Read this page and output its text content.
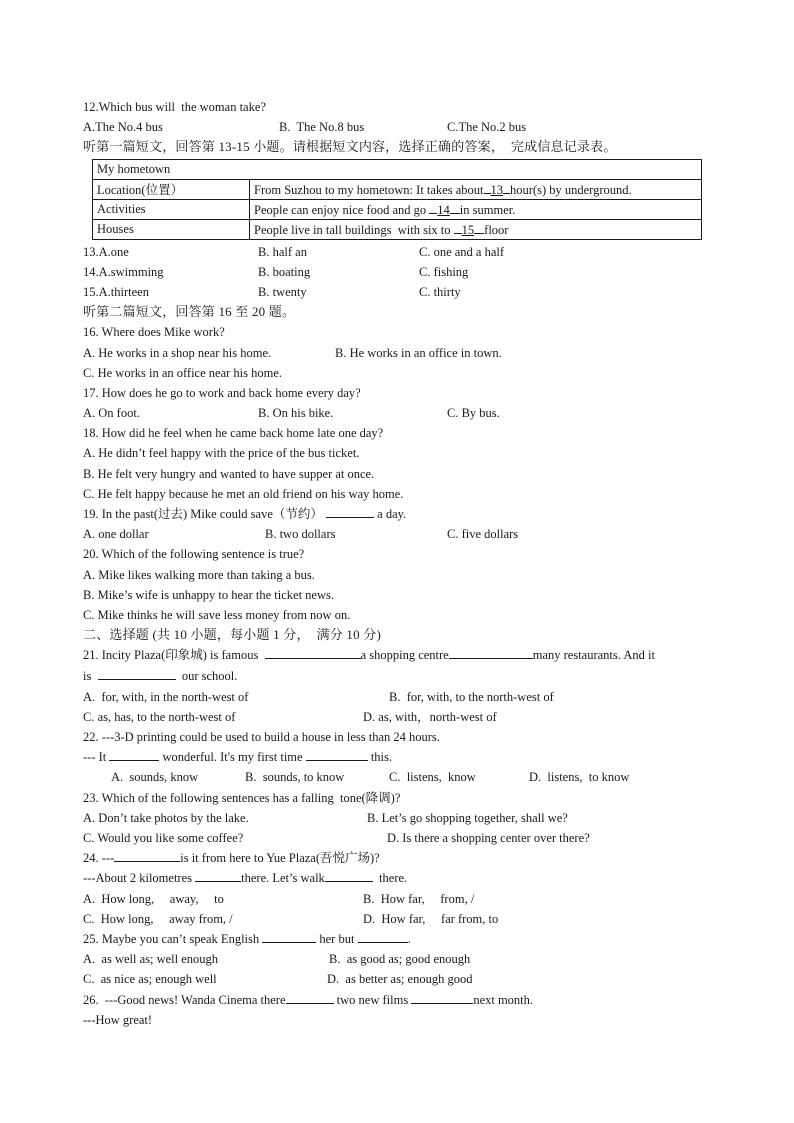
12.Which bus will  the woman take?

A.The No.4 bus

	B.  The No.8 bus

	C.The No.2 bus

听第一篇短文，回答第 13-15 小题。请根据短文内容，选择正确的答案，  完成信息记录表。
My hometown	
Location(位置）	From Suzhou to my hometown: It takes about 13 hour(s) by underground.
Activities	People can enjoy nice food and go 14 in summer.
Houses	People live in tall buildings  with six to 15 floor

13.A.one

	B. half an

	C. one and a half

14.A.swimming

	B. boating

	C. fishing

15.A.thirteen

	B. twenty

	C. thirty

听第二篇短文，回答第 16 至 20 题。
16. Where does Mike work?

A. He works in a shop near his home.

	B. He works in an office in town.

C. He works in an office near his home.
17. How does he go to work and back home every day?

A. On foot.

	B. On his bike.

	C. By bus.

18. How did he feel when he came back home late one day?
A. He didn’t feel happy with the price of the bus ticket.
B. He felt very hungry and wanted to have supper at once.
C. He felt happy because he met an old friend on his way home.
19. In the past(过去) Mike could save（节约）	a day.

A. one dollar

	B. two dollars

	C. five dollars

20. Which of the following sentence is true?
A. Mike likes walking more than taking a bus.
B. Mike’s wife is unhappy to hear the ticket news.
C. Mike thinks he will save less money from now on.
二、选择题 (共 10 小题，每小题 1 分，  满分 10 分)
21. Incity Plaza(印象城) is famous	a shopping centre	many restaurants. And it
is	our school.

A.  for, with, in the north-west of

	B.  for, with, to the north-west of

C. as, has, to the north-west of

	D. as, with，north-west of

22. ---3-D printing could be used to build a house in less than 24 hours.
--- It	wonderful. It's my first time	this.

A.  sounds, know

	B.  sounds, to know

	C.  listens,  know

	D.  listens,  to know

23. Which of the following sentences has a falling  tone(降调)?

A. Don’t take photos by the lake.

	B. Let’s go shopping together, shall we?

C. Would you like some coffee?

	D. Is there a shopping center over there?

24. ---	is it from here to Yue Plaza(吾悦广场)?
---About 2 kilometres	there. Let’s walk	there.

A.  How long,     away,     to

	B.  How far,     from, /

C.  How long,     away from, /

	D.  How far,     far from, to

25. Maybe you can’t speak English	her but	.

A.  as well as; well enough

	B.  as good as; good enough

C.  as nice as; enough well

	D.  as better as; enough good

26.  ---Good news! Wanda Cinema there	two new films	next month.
---How great!
